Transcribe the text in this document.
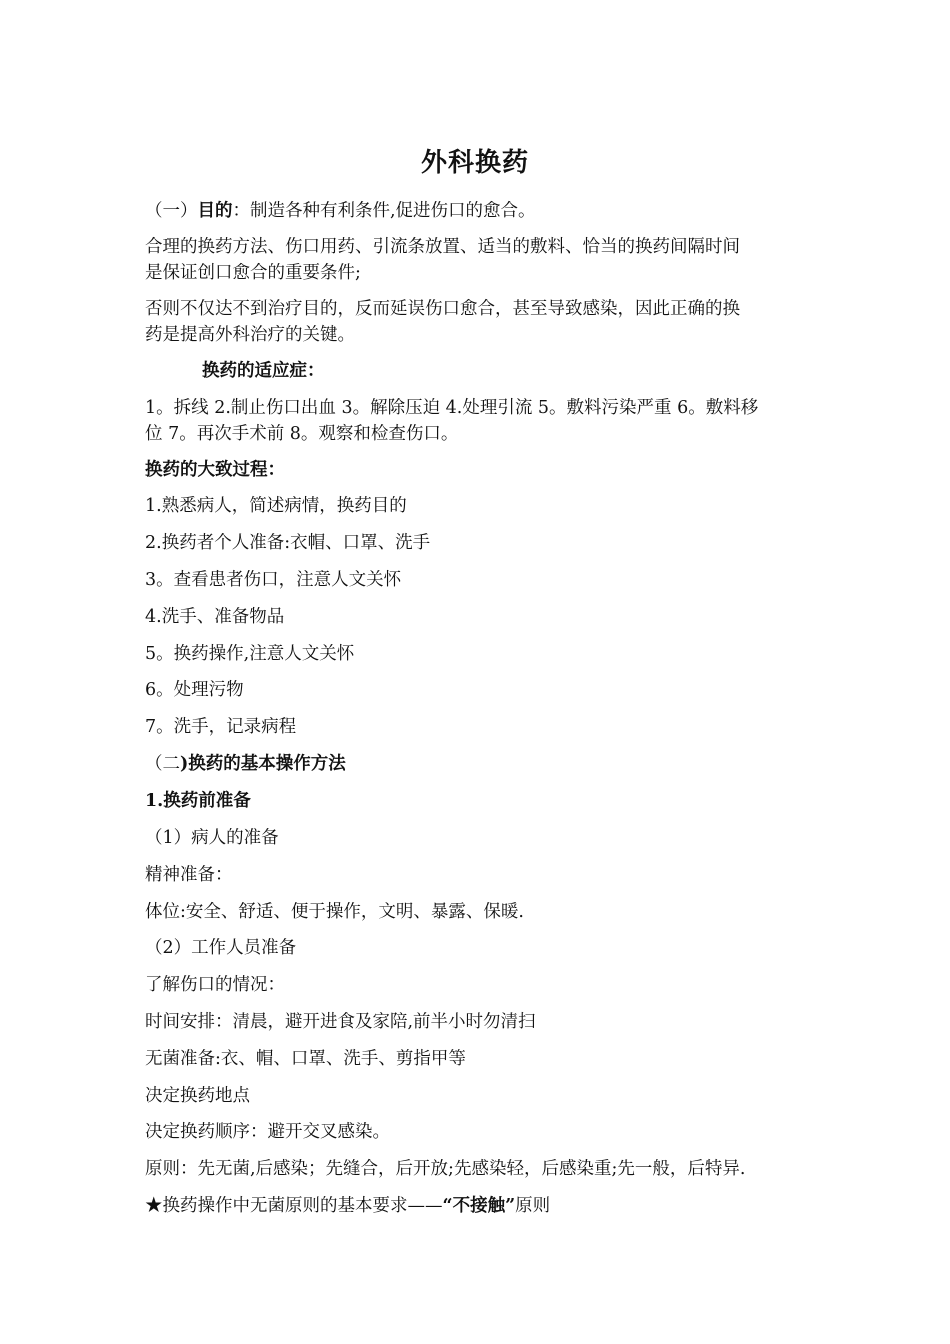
外科换药
（一）目的：制造各种有利条件,促进伤口的愈合。
合理的换药方法、伤口用药、引流条放置、适当的敷料、恰当的换药间隔时间
是保证创口愈合的重要条件;
否则不仅达不到治疗目的，反而延误伤口愈合，甚至导致感染，因此正确的换
药是提高外科治疗的关键。
换药的适应症：
1。拆线 2.制止伤口出血 3。解除压迫 4.处理引流 5。敷料污染严重 6。敷料移
位 7。再次手术前 8。观察和检查伤口。
换药的大致过程：
1.熟悉病人，简述病情，换药目的
2.换药者个人准备:衣帽、口罩、洗手
3。查看患者伤口，注意人文关怀
4.洗手、准备物品
5。换药操作,注意人文关怀
6。处理污物
7。洗手，记录病程
（二)换药的基本操作方法
1.换药前准备
（1）病人的准备
精神准备：
体位:安全、舒适、便于操作，文明、暴露、保暖.
（2）工作人员准备
了解伤口的情况：
时间安排：清晨，避开进食及家陪,前半小时勿清扫
无菌准备:衣、帽、口罩、洗手、剪指甲等
决定换药地点
决定换药顺序：避开交叉感染。
原则：先无菌,后感染；先缝合，后开放;先感染轻，后感染重;先一般，后特异.
★换药操作中无菌原则的基本要求——“不接触”原则
